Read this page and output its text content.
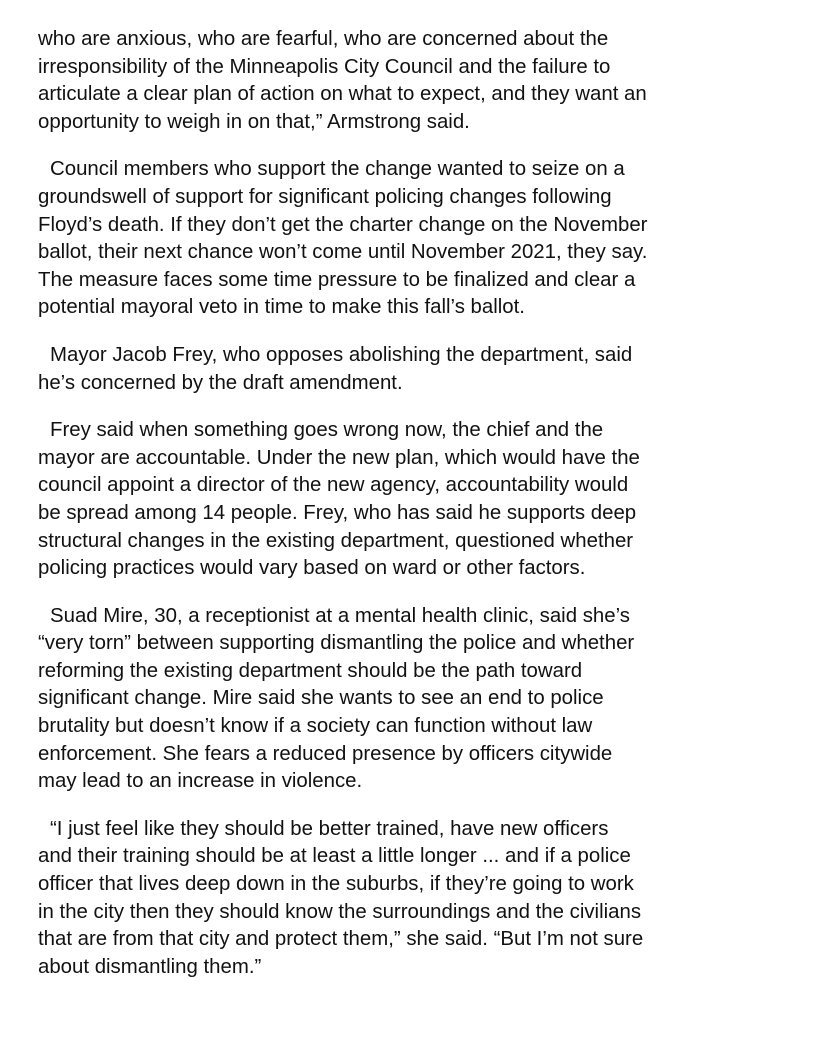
who are anxious, who are fearful, who are concerned about the
irresponsibility of the Minneapolis City Council and the failure to
articulate a clear plan of action on what to expect, and they want an
opportunity to weigh in on that,” Armstrong said.

Council members who support the change wanted to seize on a
groundswell of support for significant policing changes following
Floyd’s death. If they don’t get the charter change on the November
ballot, their next chance won’t come until November 2021, they say.
The measure faces some time pressure to be finalized and clear a
potential mayoral veto in time to make this fall’s ballot.

Mayor Jacob Frey, who opposes abolishing the department, said
he’s concerned by the draft amendment.

Frey said when something goes wrong now, the chief and the
mayor are accountable. Under the new plan, which would have the
council appoint a director of the new agency, accountability would
be spread among 14 people. Frey, who has said he supports deep
structural changes in the existing department, questioned whether
policing practices would vary based on ward or other factors.

Suad Mire, 30, a receptionist at a mental health clinic, said she’s
“very torn” between supporting dismantling the police and whether
reforming the existing department should be the path toward
significant change. Mire said she wants to see an end to police
brutality but doesn’t know if a society can function without law
enforcement. She fears a reduced presence by officers citywide
may lead to an increase in violence.

“I just feel like they should be better trained, have new officers
and their training should be at least a little longer ... and if a police
officer that lives deep down in the suburbs, if they’re going to work
in the city then they should know the surroundings and the civilians
that are from that city and protect them,” she said. “But I’m not sure
about dismantling them.”
